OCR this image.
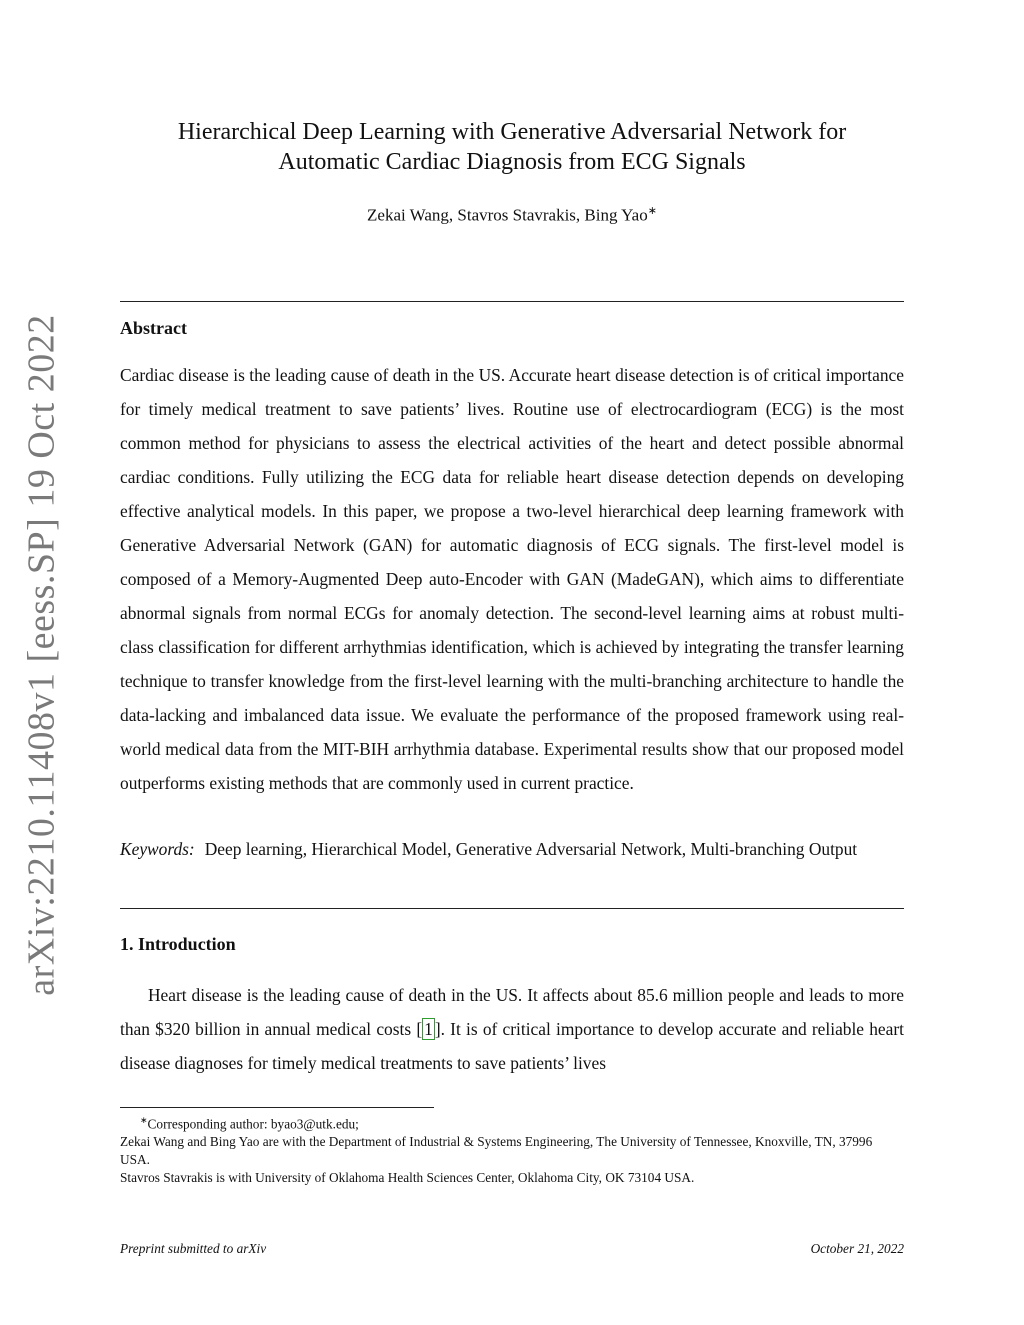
arXiv:2210.11408v1 [eess.SP] 19 Oct 2022
Hierarchical Deep Learning with Generative Adversarial Network for
Automatic Cardiac Diagnosis from ECG Signals
Zekai Wang, Stavros Stavrakis, Bing Yao∗
Abstract

Cardiac disease is the leading cause of death in the US. Accurate heart disease detection is of critical importance for timely medical treatment to save patients’ lives. Routine use of electrocardiogram (ECG) is the most common method for physicians to assess the electrical activities of the heart and detect possible abnormal cardiac conditions. Fully utilizing the ECG data for reliable heart disease detection depends on developing effective analytical models. In this paper, we propose a two-level hierarchical deep learning framework with Generative Adversarial Network (GAN) for automatic diagnosis of ECG signals. The first-level model is composed of a Memory-Augmented Deep auto-Encoder with GAN (MadeGAN), which aims to differentiate abnormal signals from normal ECGs for anomaly detection. The second-level learning aims at robust multi-class classification for different arrhythmias identification, which is achieved by integrating the transfer learning technique to transfer knowledge from the first-level learning with the multi-branching architecture to handle the data-lacking and imbalanced data issue. We evaluate the performance of the proposed framework using real-world medical data from the MIT-BIH arrhythmia database. Experimental results show that our proposed model outperforms existing methods that are commonly used in current practice.

Keywords: Deep learning, Hierarchical Model, Generative Adversarial Network, Multi-branching Output

1. Introduction

Heart disease is the leading cause of death in the US. It affects about 85.6 million people and leads to more than $320 billion in annual medical costs [ 1 ]. It is of critical importance to develop accurate and reliable heart disease diagnoses for timely medical treatments to save patients’ lives

∗Corresponding author: byao3@utk.edu;

Zekai Wang and Bing Yao are with the Department of Industrial & Systems Engineering, The University of Tennessee, Knoxville, TN, 37996 USA.

Stavros Stavrakis is with University of Oklahoma Health Sciences Center, Oklahoma City, OK 73104 USA.

Preprint submitted to arXiv	October 21, 2022
